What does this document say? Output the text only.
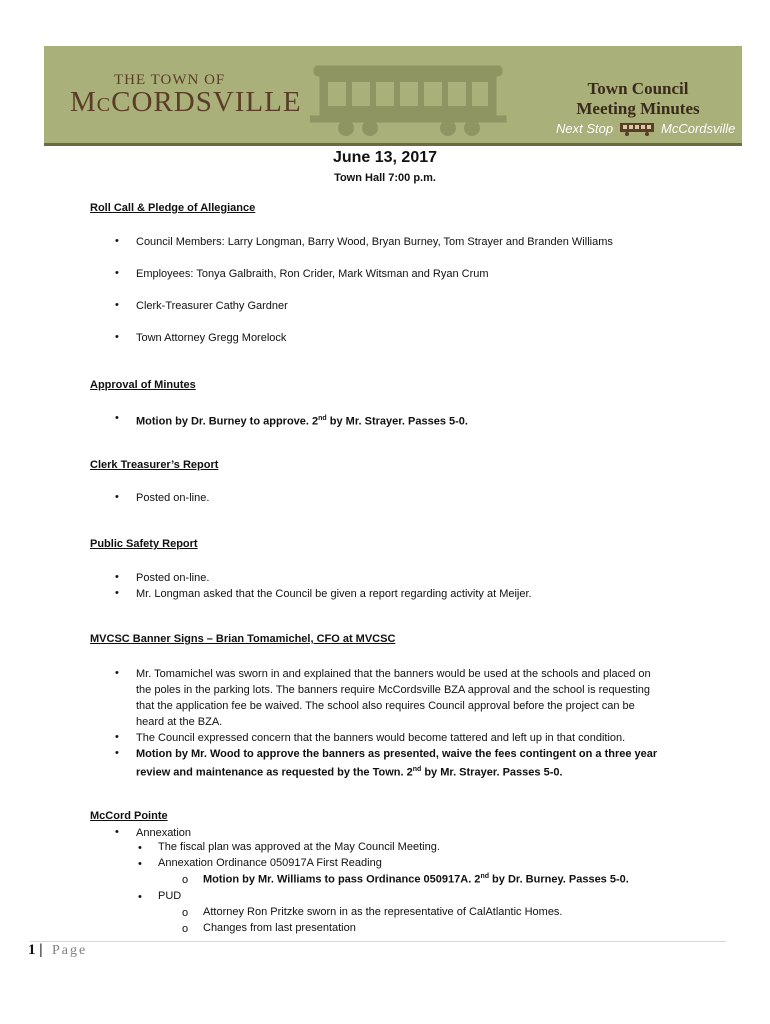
THE TOWN OF
McCORDSVILLE	Town Council
Meeting Minutes
Next Stop	McCordsville
June 13, 2017
Town Hall 7:00 p.m.
Roll Call & Pledge of Allegiance
• Council Members: Larry Longman, Barry Wood, Bryan Burney, Tom Strayer and Branden Williams
• Employees: Tonya Galbraith, Ron Crider, Mark Witsman and Ryan Crum
• Clerk-Treasurer Cathy Gardner
• Town Attorney Gregg Morelock
Approval of Minutes
• Motion by Dr. Burney to approve. 2nd by Mr. Strayer. Passes 5-0.
Clerk Treasurer’s Report
• Posted on-line.
Public Safety Report
• Posted on-line.
• Mr. Longman asked that the Council be given a report regarding activity at Meijer.
MVCSC Banner Signs – Brian Tomamichel, CFO at MVCSC
• Mr. Tomamichel was sworn in and explained that the banners would be used at the schools and placed on
the poles in the parking lots. The banners require McCordsville BZA approval and the school is requesting
that the application fee be waived. The school also requires Council approval before the project can be
heard at the BZA.
• The Council expressed concern that the banners would become tattered and left up in that condition.
• Motion by Mr. Wood to approve the banners as presented, waive the fees contingent on a three year
review and maintenance as requested by the Town. 2nd by Mr. Strayer. Passes 5-0.
McCord Pointe
• Annexation
• The fiscal plan was approved at the May Council Meeting.
• Annexation Ordinance 050917A First Reading
o Motion by Mr. Williams to pass Ordinance 050917A. 2nd by Dr. Burney. Passes 5-0.
• PUD
o Attorney Ron Pritzke sworn in as the representative of CalAtlantic Homes.
o Changes from last presentation
1 | Page
